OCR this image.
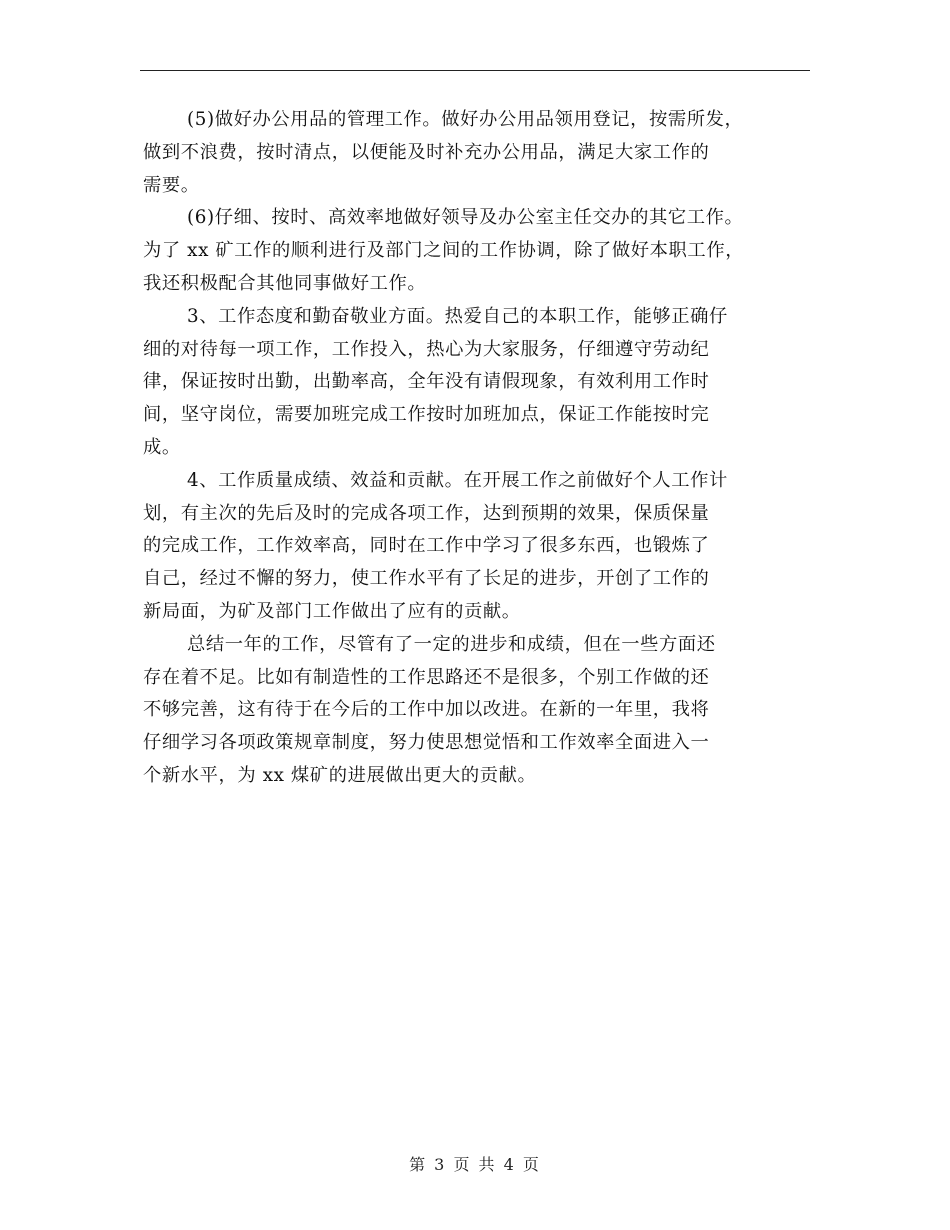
(5)做好办公用品的管理工作。做好办公用品领用登记，按需所发，
做到不浪费，按时清点，以便能及时补充办公用品，满足大家工作的
需要。

(6)仔细、按时、高效率地做好领导及办公室主任交办的其它工作。
为了 xx 矿工作的顺利进行及部门之间的工作协调，除了做好本职工作，
我还积极配合其他同事做好工作。

3、工作态度和勤奋敬业方面。热爱自己的本职工作，能够正确仔
细的对待每一项工作，工作投入，热心为大家服务，仔细遵守劳动纪
律，保证按时出勤，出勤率高，全年没有请假现象，有效利用工作时
间，坚守岗位，需要加班完成工作按时加班加点，保证工作能按时完
成。

4、工作质量成绩、效益和贡献。在开展工作之前做好个人工作计
划，有主次的先后及时的完成各项工作，达到预期的效果，保质保量
的完成工作，工作效率高，同时在工作中学习了很多东西，也锻炼了
自己，经过不懈的努力，使工作水平有了长足的进步，开创了工作的
新局面，为矿及部门工作做出了应有的贡献。

总结一年的工作，尽管有了一定的进步和成绩，但在一些方面还
存在着不足。比如有制造性的工作思路还不是很多，个别工作做的还
不够完善，这有待于在今后的工作中加以改进。在新的一年里，我将
仔细学习各项政策规章制度，努力使思想觉悟和工作效率全面进入一
个新水平，为 xx 煤矿的进展做出更大的贡献。

第 3 页 共 4 页
